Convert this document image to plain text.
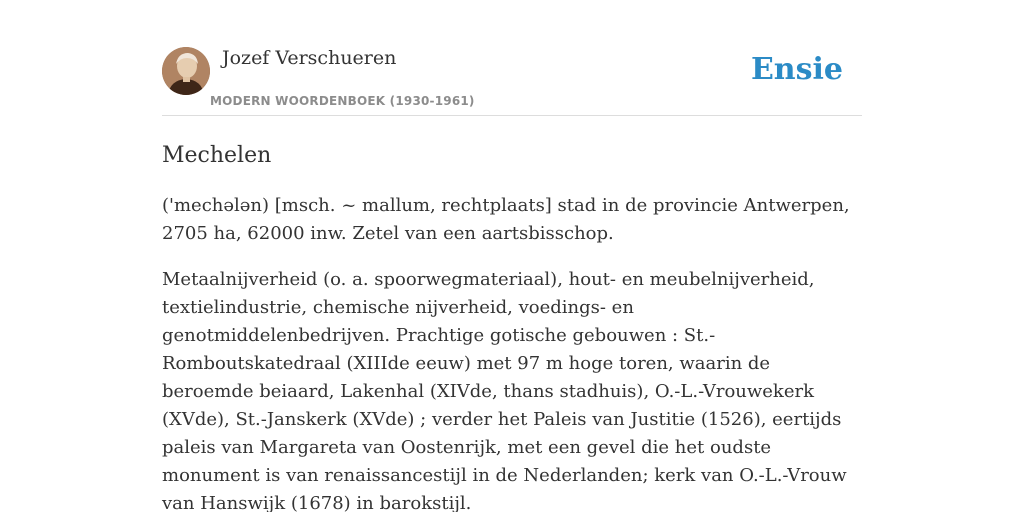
Jozef Verschueren
MODERN WOORDENBOEK (1930-1961)
Ensie
Mechelen

('mechələn) [msch. ~ mallum, rechtplaats] stad in de provincie Antwerpen, 2705 ha, 62000 inw. Zetel van een aartsbisschop.

Metaalnijverheid (o. a. spoorwegmateriaal), hout- en meubelnijverheid, textielindustrie, chemische nijverheid, voedings- en genotmiddelenbedrijven. Prachtige gotische gebouwen : St.-Romboutskatedraal (XIIIde eeuw) met 97 m hoge toren, waarin de beroemde beiaard, Lakenhal (XIVde, thans stadhuis), O.-L.-Vrouwekerk (XVde), St.-Janskerk (XVde) ; verder het Paleis van Justitie (1526), eertijds paleis van Margareta van Oostenrijk, met een gevel die het oudste monument is van renaissancestijl in de Nederlanden; kerk van O.-L.-Vrouw van Hanswijk (1678) in barokstijl.
